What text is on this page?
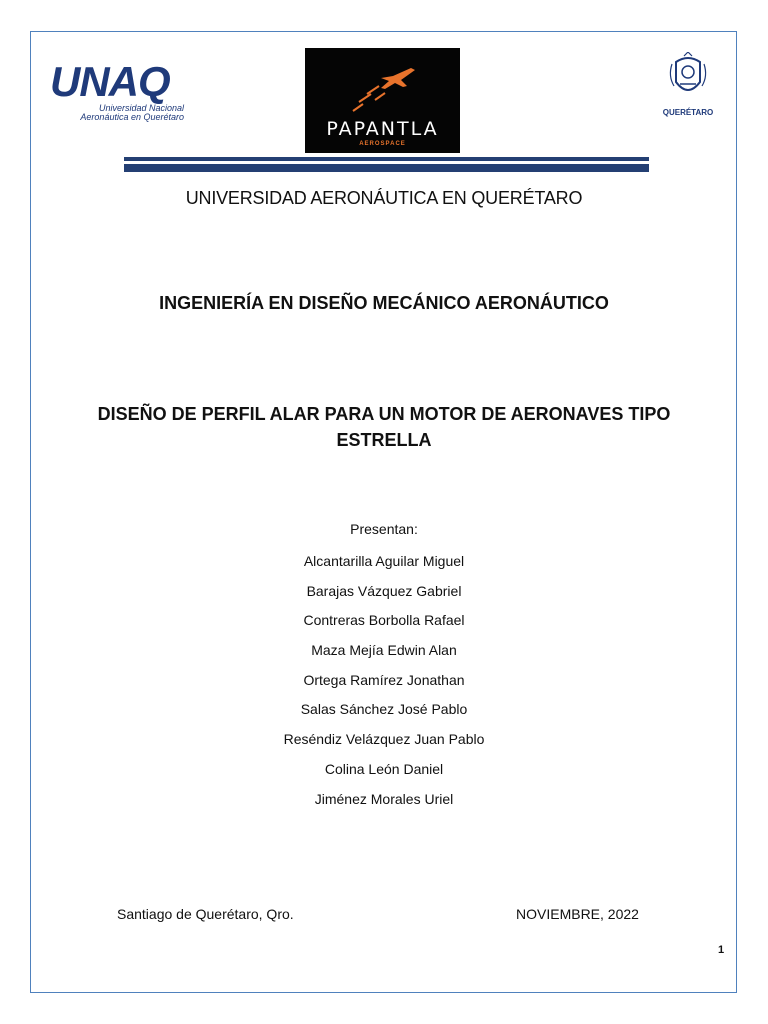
UNAQ
Universidad Nacional
Aeronáutica en Querétaro
PAPANTLA
AEROSPACE
QUERÉTARO
UNIVERSIDAD AERONÁUTICA EN QUERÉTARO
INGENIERÍA EN DISEÑO MECÁNICO AERONÁUTICO
DISEÑO DE PERFIL ALAR PARA UN MOTOR DE AERONAVES TIPO ESTRELLA
Presentan:
Alcantarilla Aguilar Miguel
Barajas Vázquez Gabriel
Contreras Borbolla Rafael
Maza Mejía Edwin Alan
Ortega Ramírez Jonathan
Salas Sánchez José Pablo
Reséndiz Velázquez Juan Pablo
Colina León Daniel
Jiménez Morales Uriel
Santiago de Querétaro, Qro.	NOVIEMBRE, 2022
1
